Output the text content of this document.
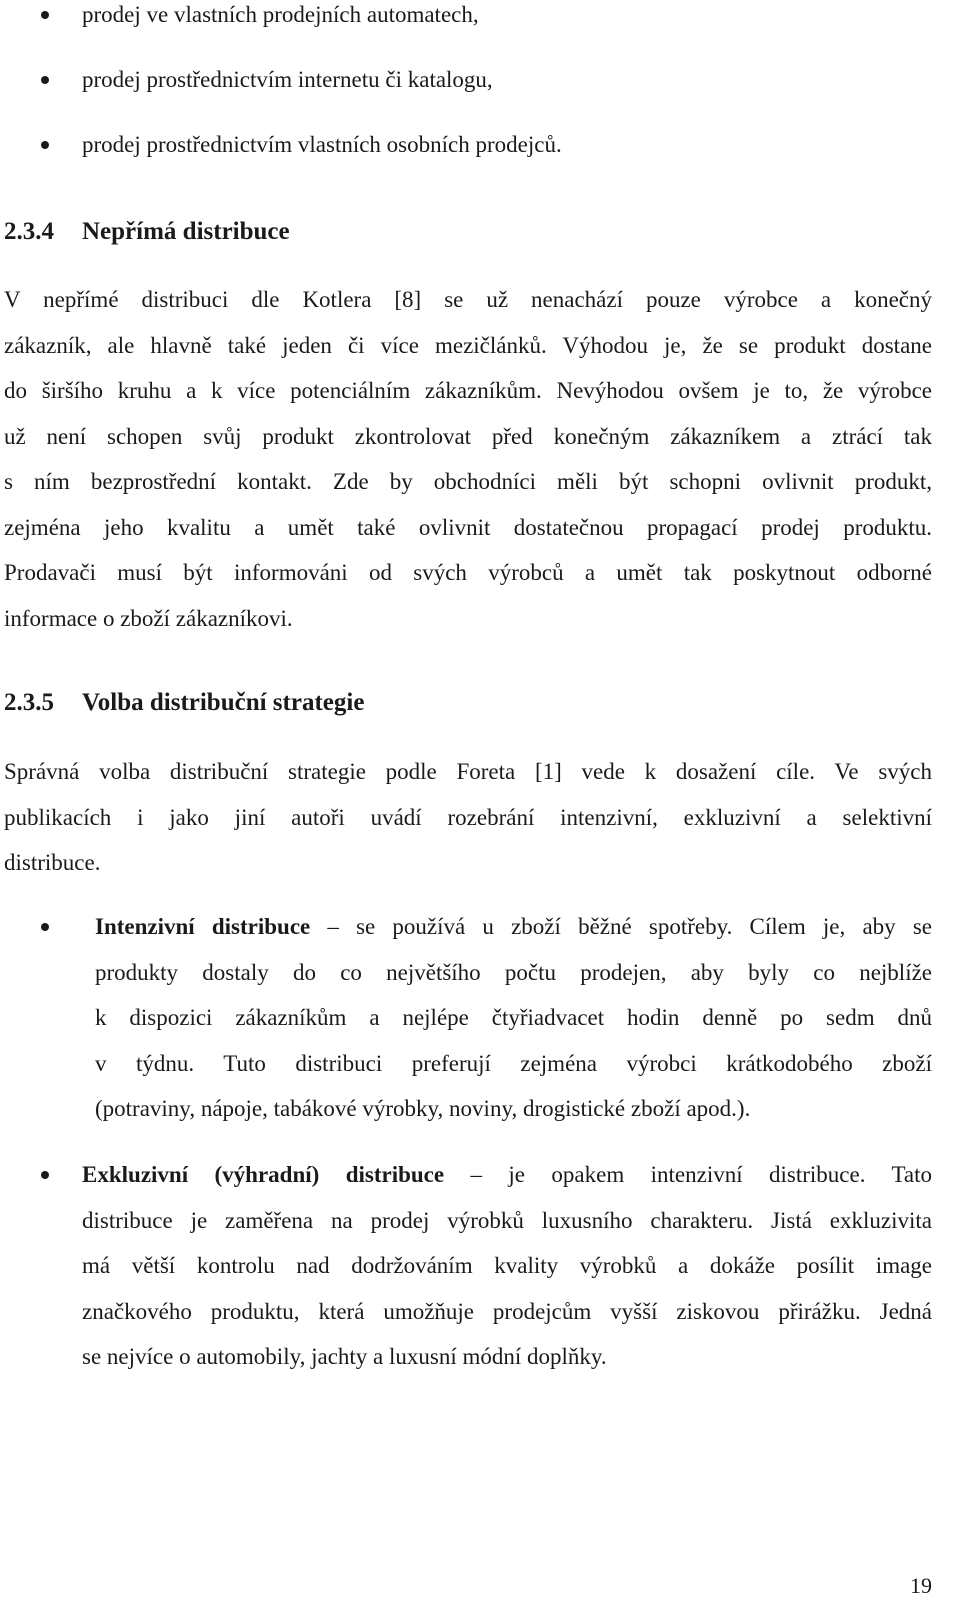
prodej ve vlastních prodejních automatech,
prodej prostřednictvím internetu či katalogu,
prodej prostřednictvím vlastních osobních prodejců.
2.3.4 Nepřímá distribuce
V nepřímé distribuci dle Kotlera [8] se už nenachází pouze výrobce a konečný
zákazník, ale hlavně také jeden či více mezičlánků. Výhodou je, že se produkt dostane
do širšího kruhu a k více potenciálním zákazníkům. Nevýhodou ovšem je to, že výrobce
už není schopen svůj produkt zkontrolovat před konečným zákazníkem a ztrácí tak
s ním bezprostřední kontakt. Zde by obchodníci měli být schopni ovlivnit produkt,
zejména jeho kvalitu a umět také ovlivnit dostatečnou propagací prodej produktu.
Prodavači musí být informováni od svých výrobců a umět tak poskytnout odborné
informace o zboží zákazníkovi.
2.3.5 Volba distribuční strategie
Správná volba distribuční strategie podle Foreta [1] vede k dosažení cíle. Ve svých
publikacích i jako jiní autoři uvádí rozebrání intenzivní, exkluzivní a selektivní
distribuce.
Intenzivní distribuce – se používá u zboží běžné spotřeby. Cílem je, aby se
produkty dostaly do co největšího počtu prodejen, aby byly co nejblíže
k dispozici zákazníkům a nejlépe čtyřiadvacet hodin denně po sedm dnů
v týdnu. Tuto distribuci preferují zejména výrobci krátkodobého zboží
(potraviny, nápoje, tabákové výrobky, noviny, drogistické zboží apod.).
Exkluzivní (výhradní) distribuce – je opakem intenzivní distribuce. Tato
distribuce je zaměřena na prodej výrobků luxusního charakteru. Jistá exkluzivita
má větší kontrolu nad dodržováním kvality výrobků a dokáže posílit image
značkového produktu, která umožňuje prodejcům vyšší ziskovou přirážku. Jedná
se nejvíce o automobily, jachty a luxusní módní doplňky.
19
